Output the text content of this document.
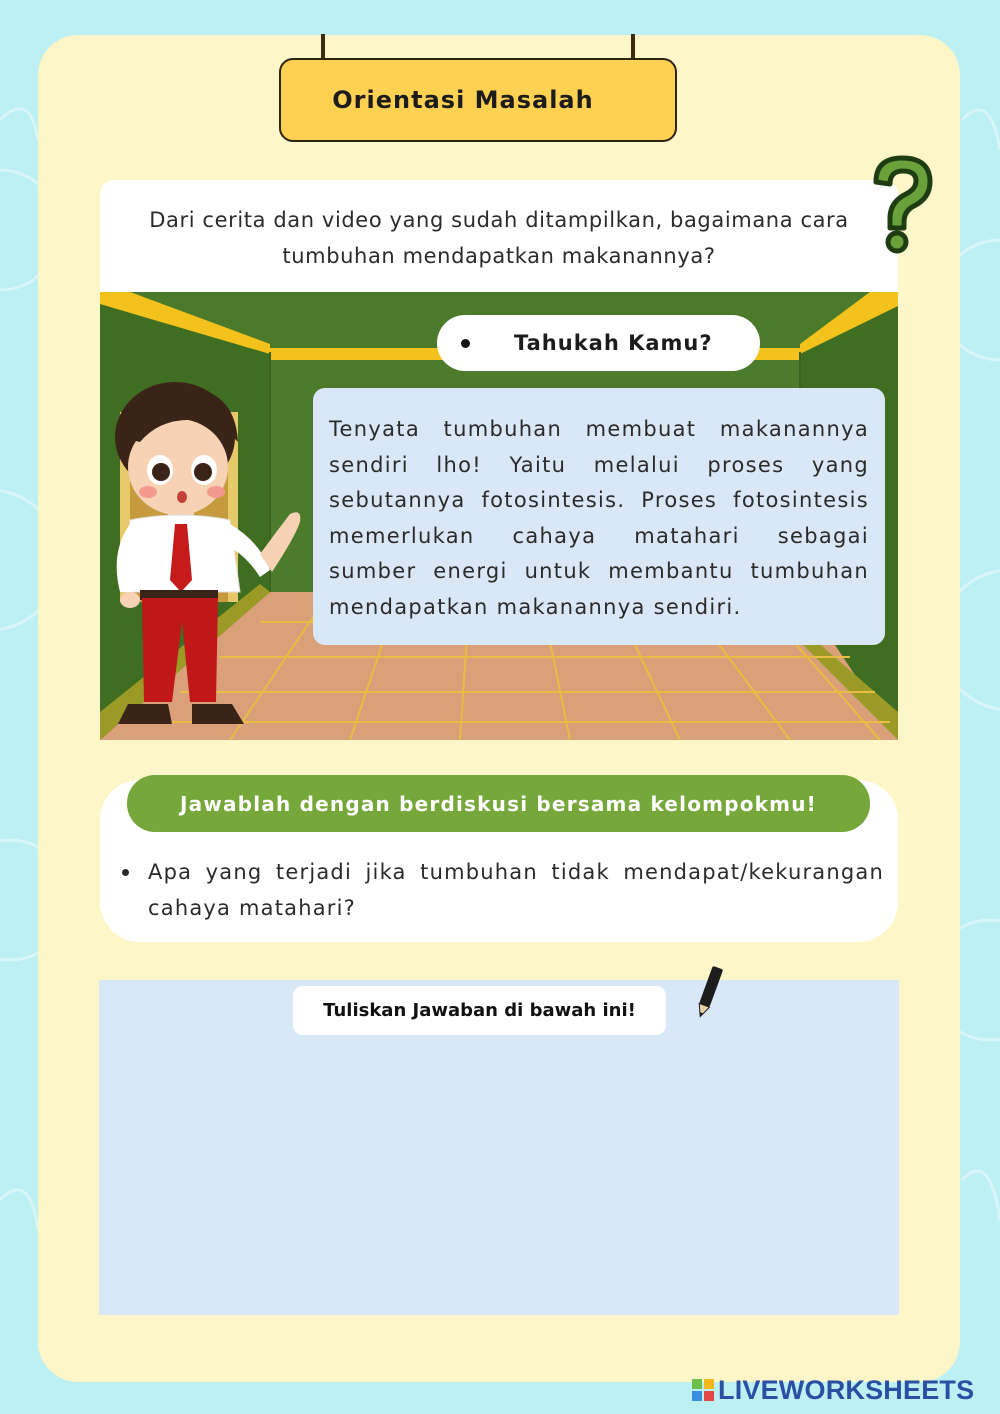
Orientasi Masalah
Dari cerita dan video yang sudah ditampilkan, bagaimana cara tumbuhan mendapatkan makanannya?
Tahukah Kamu?
Tenyata tumbuhan membuat makanannya sendiri lho! Yaitu melalui proses yang sebutannya fotosintesis. Proses fotosintesis memerlukan cahaya matahari sebagai sumber energi untuk membantu tumbuhan mendapatkan makanannya sendiri.
Jawablah dengan berdiskusi bersama kelompokmu!
Apa yang terjadi jika tumbuhan tidak mendapat/kekurangan cahaya matahari?
Tuliskan Jawaban di bawah ini!
LIVEWORKSHEETS
